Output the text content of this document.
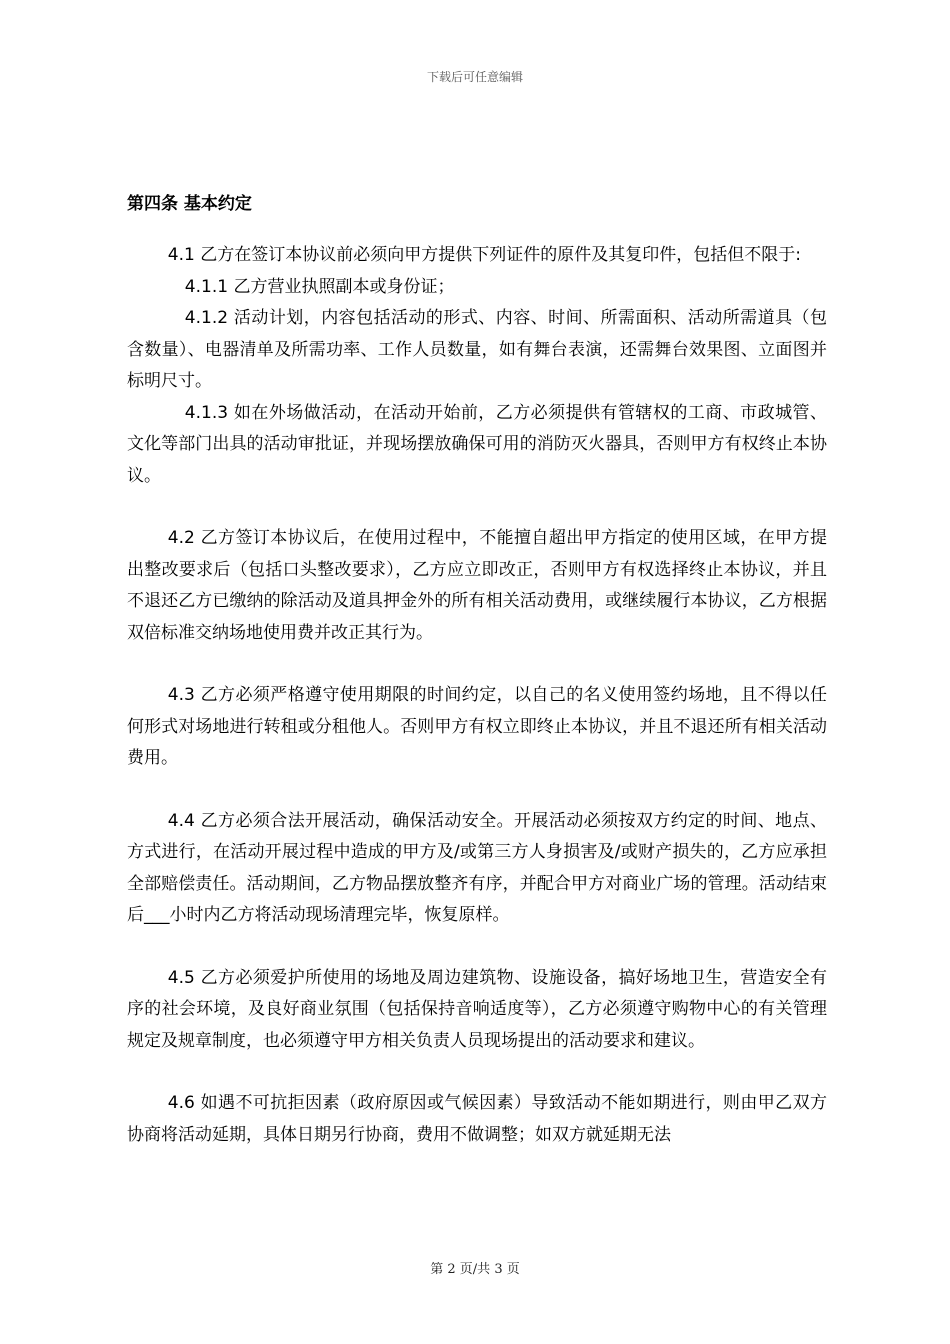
下载后可任意编辑
第四条 基本约定

4.1 乙方在签订本协议前必须向甲方提供下列证件的原件及其复印件，包括但不限于:

4.1.1 乙方营业执照副本或身份证；

4.1.2 活动计划，内容包括活动的形式、内容、时间、所需面积、活动所需道具（包含数量）、电器清单及所需功率、工作人员数量，如有舞台表演，还需舞台效果图、立面图并标明尺寸。

4.1.3 如在外场做活动，在活动开始前，乙方必须提供有管辖权的工商、市政城管、文化等部门出具的活动审批证，并现场摆放确保可用的消防灭火器具，否则甲方有权终止本协议。

4.2 乙方签订本协议后，在使用过程中，不能擅自超出甲方指定的使用区域，在甲方提出整改要求后（包括口头整改要求），乙方应立即改正，否则甲方有权选择终止本协议，并且不退还乙方已缴纳的除活动及道具押金外的所有相关活动费用，或继续履行本协议，乙方根据双倍标准交纳场地使用费并改正其行为。

4.3 乙方必须严格遵守使用期限的时间约定，以自己的名义使用签约场地，且不得以任何形式对场地进行转租或分租他人。否则甲方有权立即终止本协议，并且不退还所有相关活动费用。

4.4 乙方必须合法开展活动，确保活动安全。开展活动必须按双方约定的时间、地点、方式进行，在活动开展过程中造成的甲方及/或第三方人身损害及/或财产损失的，乙方应承担全部赔偿责任。活动期间，乙方物品摆放整齐有序，并配合甲方对商业广场的管理。活动结束后___小时内乙方将活动现场清理完毕，恢复原样。

4.5 乙方必须爱护所使用的场地及周边建筑物、设施设备，搞好场地卫生，营造安全有序的社会环境，及良好商业氛围（包括保持音响适度等），乙方必须遵守购物中心的有关管理规定及规章制度，也必须遵守甲方相关负责人员现场提出的活动要求和建议。

4.6 如遇不可抗拒因素（政府原因或气候因素）导致活动不能如期进行，则由甲乙双方协商将活动延期，具体日期另行协商，费用不做调整；如双方就延期无法

第 2 页/共 3 页
